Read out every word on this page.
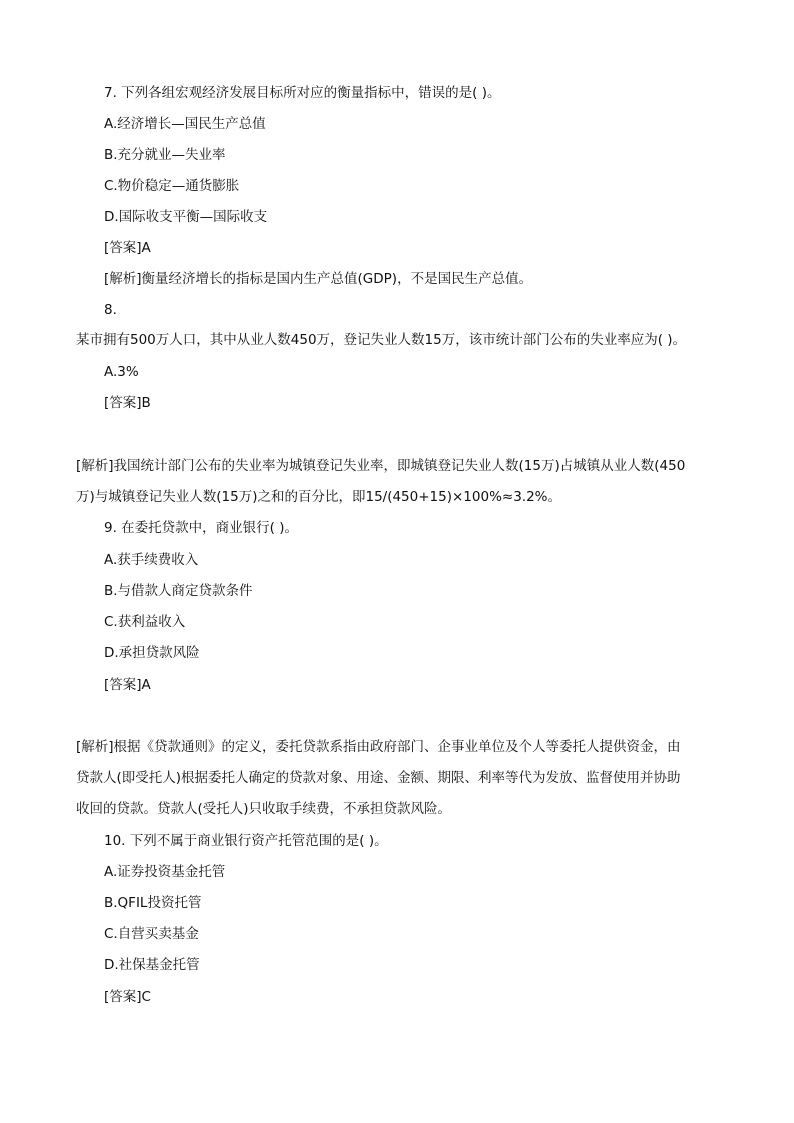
7. 下列各组宏观经济发展目标所对应的衡量指标中，错误的是( )。
A.经济增长—国民生产总值
B.充分就业—失业率
C.物价稳定—通货膨胀
D.国际收支平衡—国际收支
[答案]A
[解析]衡量经济增长的指标是国内生产总值(GDP)，不是国民生产总值。
8.
某市拥有500万人口，其中从业人数450万，登记失业人数15万，该市统计部门公布的失业率应为( )。
A.3%
[答案]B
[解析]我国统计部门公布的失业率为城镇登记失业率，即城镇登记失业人数(15万)占城镇从业人数(450
万)与城镇登记失业人数(15万)之和的百分比，即15/(450+15)×100%≈3.2%。
9. 在委托贷款中，商业银行( )。
A.获手续费收入
B.与借款人商定贷款条件
C.获利益收入
D.承担贷款风险
[答案]A
[解析]根据《贷款通则》的定义，委托贷款系指由政府部门、企事业单位及个人等委托人提供资金，由
贷款人(即受托人)根据委托人确定的贷款对象、用途、金额、期限、利率等代为发放、监督使用并协助
收回的贷款。贷款人(受托人)只收取手续费，不承担贷款风险。
10. 下列不属于商业银行资产托管范围的是( )。
A.证券投资基金托管
B.QFIL投资托管
C.自营买卖基金
D.社保基金托管
[答案]C
